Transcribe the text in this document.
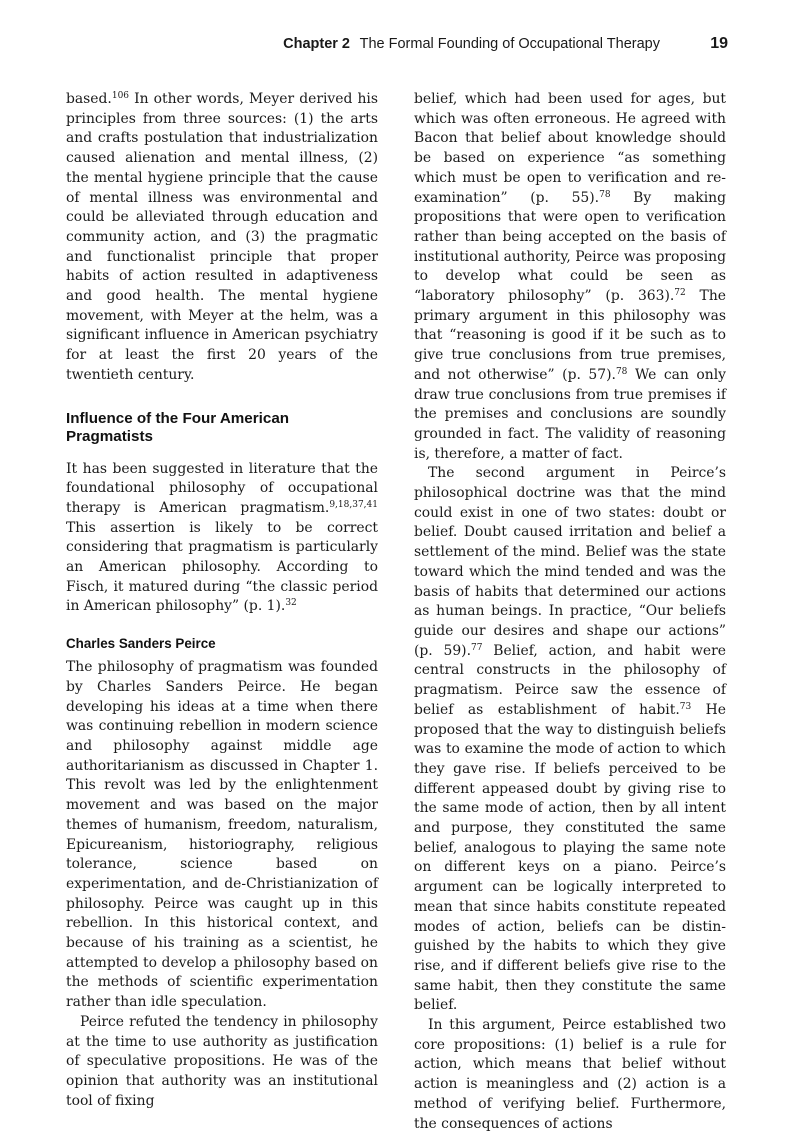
Chapter 2 The Formal Founding of Occupational Therapy	19

based.$^{106}$ In other words, Meyer derived his principles from three sources: (1) the arts and crafts postulation that industrialization caused alienation and mental illness, (2) the mental hygiene principle that the cause of mental illness was environmental and could be alleviated through education and community action, and (3) the pragmatic and functionalist principle that proper habits of action resulted in adaptiveness and good health. The mental hygiene movement, with Meyer at the helm, was a significant influence in American psychiatry for at least the first 20 years of the twentieth century.

Influence of the Four American Pragmatists

It has been suggested in literature that the foundational philosophy of occupational therapy is American pragmatism.$^{9,18,37,41}$ This assertion is likely to be correct considering that pragmatism is particularly an American philosophy. According to Fisch, it matured during “the classic period in American philosophy” (p. 1).$^{32}$

Charles Sanders Peirce

The philosophy of pragmatism was founded by Charles Sanders Peirce. He began developing his ideas at a time when there was continuing rebellion in modern science and philosophy against middle age authoritarianism as discussed in Chapter 1. This revolt was led by the enlightenment movement and was based on the major themes of humanism, freedom, naturalism, Epicureanism, historiography, religious tolerance, science based on experimentation, and de-Christianization of philosophy. Peirce was caught up in this rebellion. In this historical context, and because of his training as a scientist, he attempted to develop a philosophy based on the methods of scientific experimentation rather than idle speculation.

Peirce refuted the tendency in philosophy at the time to use authority as justification of speculative propositions. He was of the opinion that authority was an institutional tool of fixing

belief, which had been used for ages, but which was often erroneous. He agreed with Bacon that belief about knowledge should be based on experience “as something which must be open to verification and re-examination” (p. 55).$^{78}$ By making propositions that were open to verification rather than being accepted on the basis of institutional authority, Peirce was proposing to develop what could be seen as “laboratory philosophy” (p. 363).$^{72}$ The primary argument in this philosophy was that “reasoning is good if it be such as to give true conclusions from true premises, and not otherwise” (p. 57).$^{78}$ We can only draw true conclusions from true premises if the premises and conclusions are soundly grounded in fact. The validity of reasoning is, therefore, a matter of fact.

The second argument in Peirce’s philosophical doctrine was that the mind could exist in one of two states: doubt or belief. Doubt caused irritation and belief a settlement of the mind. Belief was the state toward which the mind tended and was the basis of habits that determined our actions as human beings. In practice, “Our beliefs guide our desires and shape our actions” (p. 59).$^{77}$ Belief, action, and habit were central constructs in the philosophy of pragmatism. Peirce saw the essence of belief as establishment of habit.$^{73}$ He proposed that the way to distinguish beliefs was to examine the mode of action to which they gave rise. If beliefs perceived to be different appeased doubt by giving rise to the same mode of action, then by all intent and purpose, they constituted the same belief, analogous to playing the same note on different keys on a piano. Peirce’s argument can be logically interpreted to mean that since habits constitute repeated modes of action, beliefs can be distinguished by the habits to which they give rise, and if different beliefs give rise to the same habit, then they constitute the same belief.

In this argument, Peirce established two core propositions: (1) belief is a rule for action, which means that belief without action is meaningless and (2) action is a method of verifying belief. Furthermore, the consequences of actions
